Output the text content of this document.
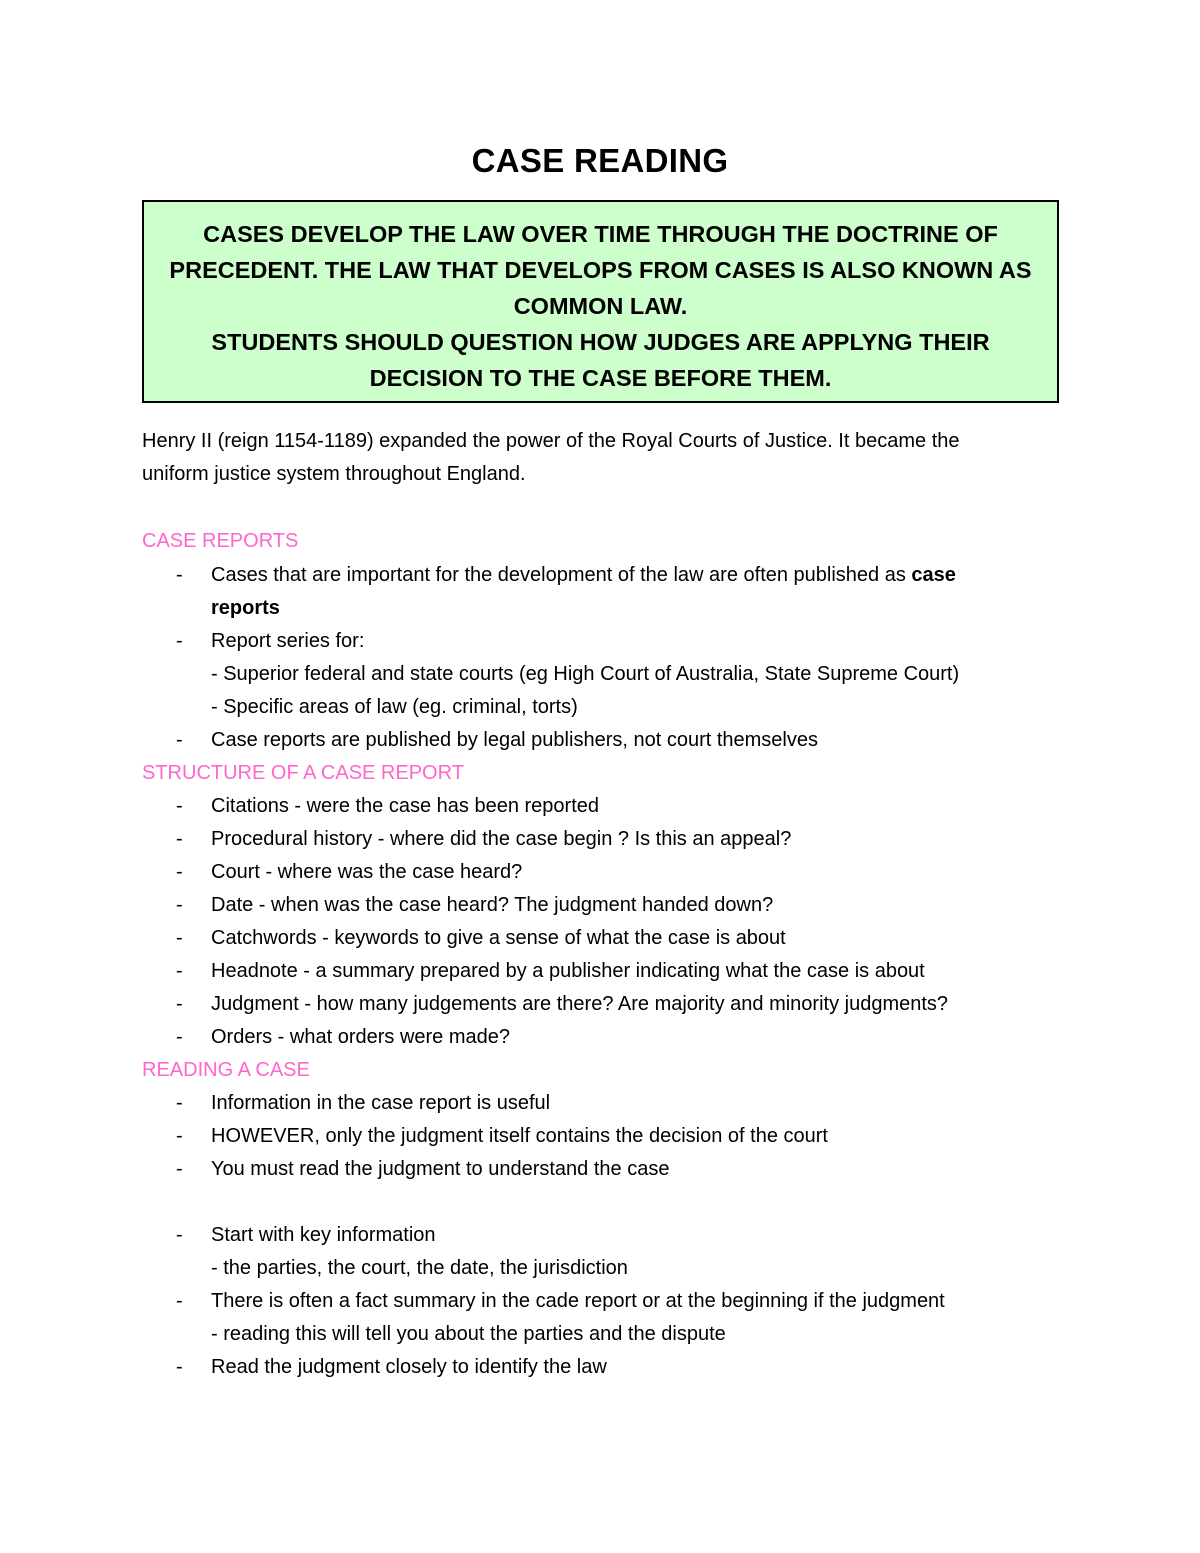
CASE READING
CASES DEVELOP THE LAW OVER TIME THROUGH THE DOCTRINE OF
PRECEDENT. THE LAW THAT DEVELOPS FROM CASES IS ALSO KNOWN AS
COMMON LAW.
STUDENTS SHOULD QUESTION HOW JUDGES ARE APPLYNG THEIR
DECISION TO THE CASE BEFORE THEM.
Henry II (reign 1154-1189) expanded the power of the Royal Courts of Justice. It became the
uniform justice system throughout England.
CASE REPORTS
- Cases that are important for the development of the law are often published as case
reports
- Report series for:
- Superior federal and state courts (eg High Court of Australia, State Supreme Court)
- Specific areas of law (eg. criminal, torts)
- Case reports are published by legal publishers, not court themselves
STRUCTURE OF A CASE REPORT
- Citations - were the case has been reported
- Procedural history - where did the case begin ? Is this an appeal?
- Court - where was the case heard?
- Date - when was the case heard? The judgment handed down?
- Catchwords - keywords to give a sense of what the case is about
- Headnote - a summary prepared by a publisher indicating what the case is about
- Judgment - how many judgements are there? Are majority and minority judgments?
- Orders - what orders were made?
READING A CASE
- Information in the case report is useful
- HOWEVER, only the judgment itself contains the decision of the court
- You must read the judgment to understand the case
- Start with key information
- the parties, the court, the date, the jurisdiction
- There is often a fact summary in the cade report or at the beginning if the judgment
- reading this will tell you about the parties and the dispute
- Read the judgment closely to identify the law
